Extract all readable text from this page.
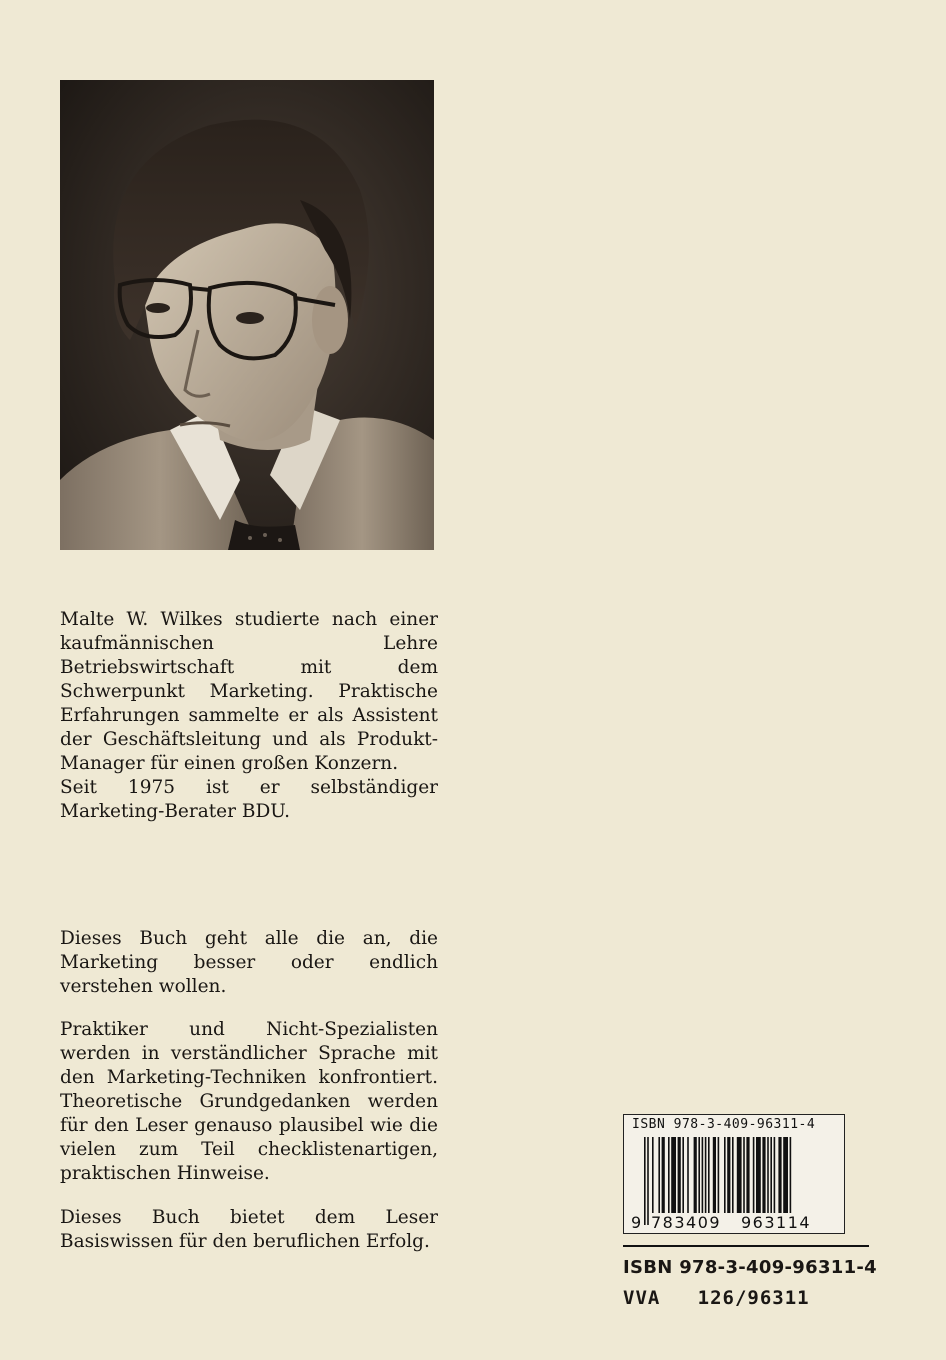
Malte W. Wilkes studierte nach einer kaufmännischen Lehre Betriebswirtschaft mit dem Schwerpunkt Marketing. Praktische Erfahrungen sammelte er als Assistent der Geschäftsleitung und als Produkt-Manager für einen großen Konzern.

Seit 1975 ist er selbständiger Marketing-Berater BDU.

Dieses Buch geht alle die an, die Marketing besser oder endlich verstehen wollen.

Praktiker und Nicht-Spezialisten werden in verständlicher Sprache mit den Marketing-Techniken konfrontiert. Theoretische Grundgedanken werden für den Leser genauso plausibel wie die vielen zum Teil checklistenartigen, praktischen Hinweise.

Dieses Buch bietet dem Leser Basiswissen für den beruflichen Erfolg.

ISBN 978-3-409-96311-4
9 783409 963114
ISBN 978-3-409-96311-4
VVA   126/96311
